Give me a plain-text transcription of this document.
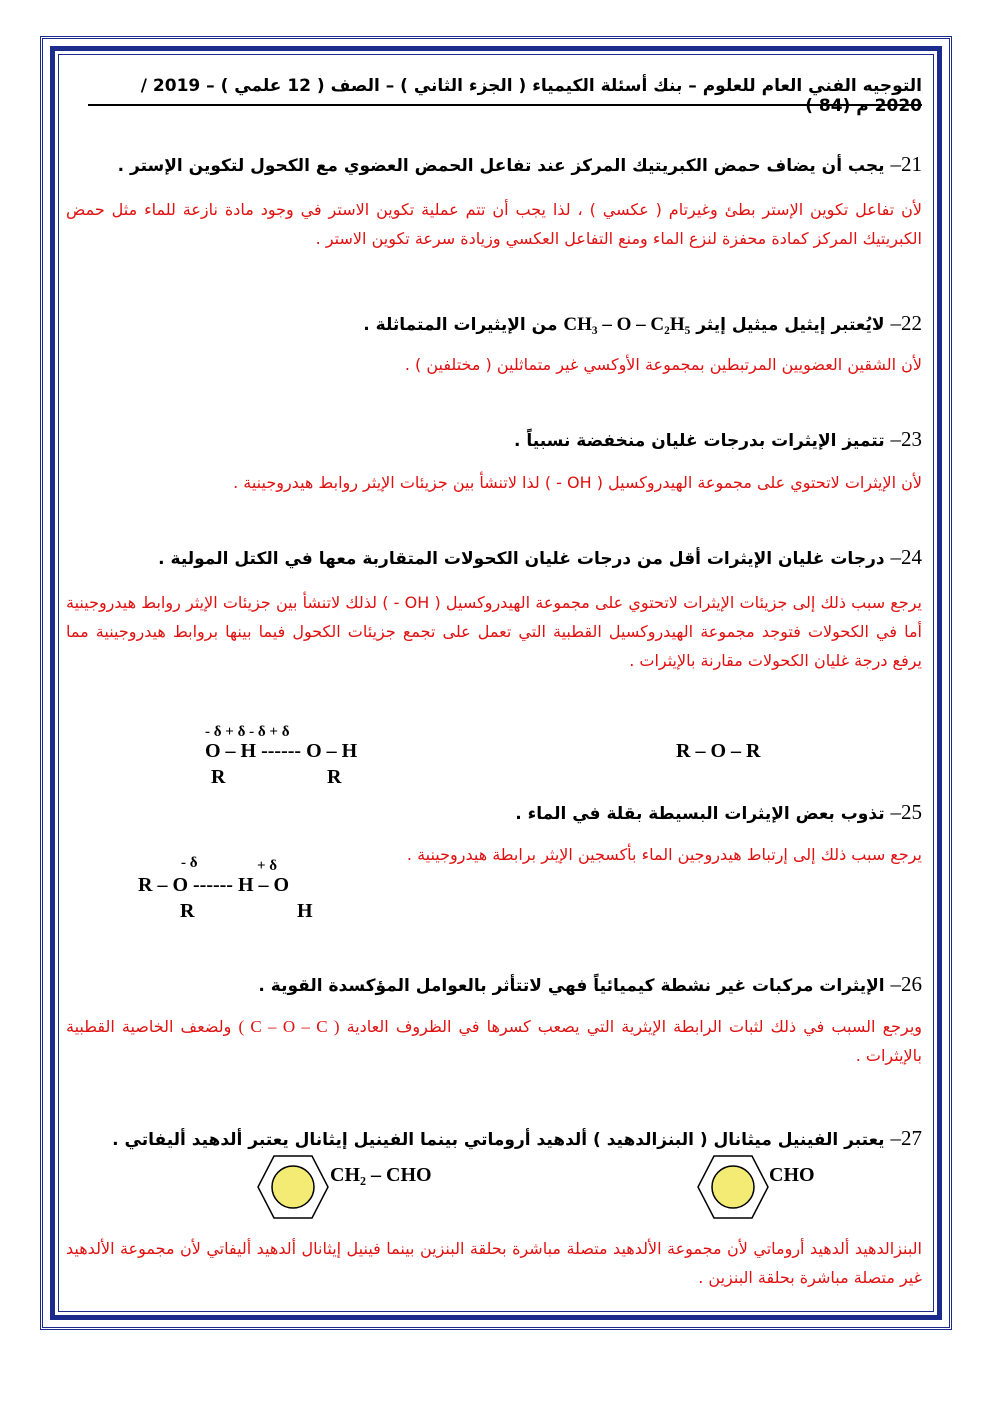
التوجيه الفني العام للعلوم – بنك أسئلة الكيمياء ( الجزء الثاني ) – الصف ( 12 علمي ) – 2019 / 2020 م (84 )
21– يجب أن يضاف حمض الكبريتيك المركز عند تفاعل الحمض العضوي مع الكحول لتكوين الإستر .
لأن تفاعل تكوين الإستر بطئ وغيرتام ( عكسي ) ، لذا يجب أن تتم عملية تكوين الاستر في وجود مادة نازعة للماء مثل حمض الكبريتيك المركز كمادة محفزة لنزع الماء ومنع التفاعل العكسي وزيادة سرعة تكوين الاستر .
22– لايُعتبر إيثيل ميثيل إيثر CH₃ – O – C₂H₅ من الإيثيرات المتماثلة .
لأن الشقين العضويين المرتبطين بمجموعة الأوكسي غير متماثلين ( مختلفين ) .
23– تتميز الإيثرات بدرجات غليان منخفضة نسبياً .
لأن الإيثرات لاتحتوي على مجموعة الهيدروكسيل ( OH - ) لذا لاتنشأ بين جزيئات الإيثر روابط هيدروجينية .
24– درجات غليان الإيثرات أقل من درجات غليان الكحولات المتقاربة معها في الكتل المولية .
يرجع سبب ذلك إلى جزيئات الإيثرات لاتحتوي على مجموعة الهيدروكسيل ( OH - ) لذلك لاتنشأ بين جزيئات الإيثر روابط هيدروجينية أما في الكحولات فتوجد مجموعة الهيدروكسيل القطبية التي تعمل على تجمع جزيئات الكحول فيما بينها بروابط هيدروجينية مما يرفع درجة غليان الكحولات مقارنة بالإيثرات .
- δ + δ - δ + δ
O – H ------ O – H
R	R
R – O – R
25– تذوب بعض الإيثرات البسيطة بقلة في الماء .
يرجع سبب ذلك إلى إرتباط هيدروجين الماء بأكسجين الإيثر برابطة هيدروجينية .
- δ	+ δ
R – O ------ H – O
R	H
26– الإيثرات مركبات غير نشطة كيميائياً فهي لاتتأثر بالعوامل المؤكسدة القوية .
ويرجع السبب في ذلك لثبات الرابطة الإيثرية التي يصعب كسرها في الظروف العادية ( C – O – C ) ولضعف الخاصية القطبية بالإيثرات .
27– يعتبر الفينيل ميثانال ( البنزالدهيد ) ألدهيد أروماتي بينما الفينيل إيثانال يعتبر ألدهيد أليفاتي .
CH₂ – CHO	CHO
البنزالدهيد ألدهيد أروماتي لأن مجموعة الألدهيد متصلة مباشرة بحلقة البنزين بينما فينيل إيثانال ألدهيد أليفاتي لأن مجموعة الألدهيد غير متصلة مباشرة بحلقة البنزين .
